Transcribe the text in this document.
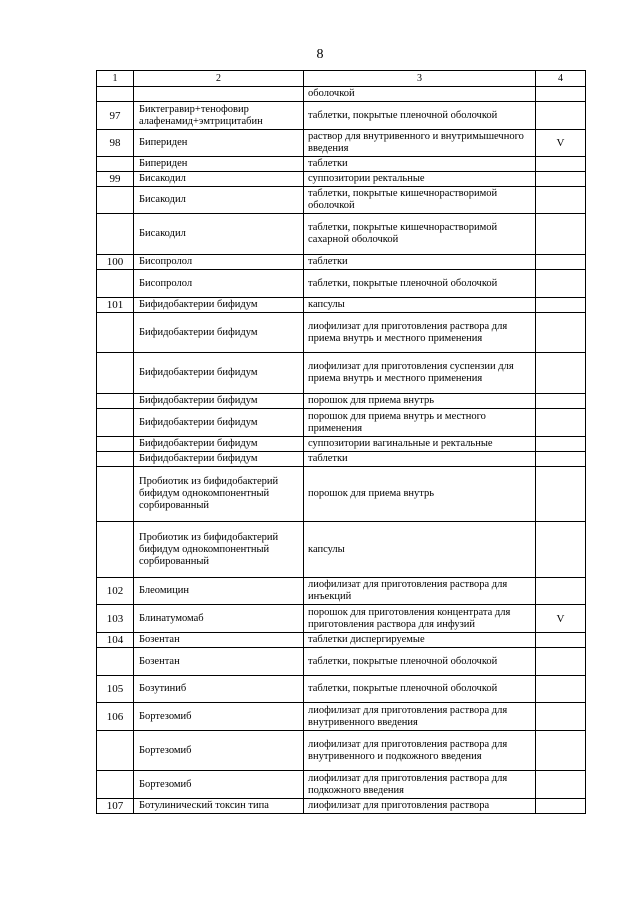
8
1	2	3	4
		оболочкой	
97	Биктегравир+тенофовир алафенамид+эмтрицитабин	таблетки, покрытые пленочной оболочкой	
98	Бипериден	раствор для внутривенного и внутримышечного введения	V
	Бипериден	таблетки	
99	Бисакодил	суппозитории ректальные	
	Бисакодил	таблетки, покрытые кишечнорастворимой оболочкой	
	Бисакодил	таблетки, покрытые кишечнорастворимой сахарной оболочкой	
100	Бисопролол	таблетки	
	Бисопролол	таблетки, покрытые пленочной оболочкой	
101	Бифидобактерии бифидум	капсулы	
	Бифидобактерии бифидум	лиофилизат для приготовления раствора для приема внутрь и местного применения	
	Бифидобактерии бифидум	лиофилизат для приготовления суспензии для приема внутрь и местного применения	
	Бифидобактерии бифидум	порошок для приема внутрь	
	Бифидобактерии бифидум	порошок для приема внутрь и местного применения	
	Бифидобактерии бифидум	суппозитории вагинальные и ректальные	
	Бифидобактерии бифидум	таблетки	
	Пробиотик из бифидобактерий бифидум однокомпонентный сорбированный	порошок для приема внутрь	
	Пробиотик из бифидобактерий бифидум однокомпонентный сорбированный	капсулы	
102	Блеомицин	лиофилизат для приготовления раствора для инъекций	
103	Блинатумомаб	порошок для приготовления концентрата для приготовления раствора для инфузий	V
104	Бозентан	таблетки диспергируемые	
	Бозентан	таблетки, покрытые пленочной оболочкой	
105	Бозутиниб	таблетки, покрытые пленочной оболочкой	
106	Бортезомиб	лиофилизат для приготовления раствора для внутривенного введения	
	Бортезомиб	лиофилизат для приготовления раствора для внутривенного и подкожного введения	
	Бортезомиб	лиофилизат для приготовления раствора для подкожного введения	
107	Ботулинический токсин типа	лиофилизат для приготовления раствора	
